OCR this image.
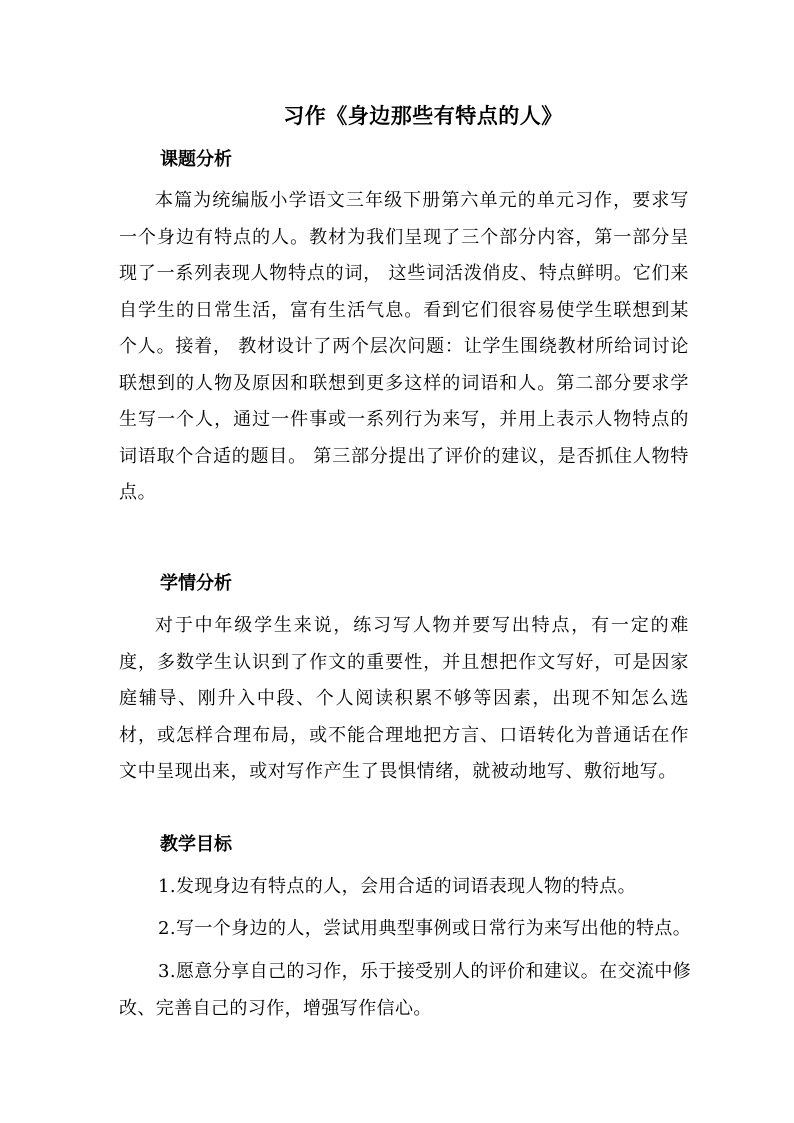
习作《身边那些有特点的人》
课题分析
本篇为统编版小学语文三年级下册第六单元的单元习作，要求写一个身边有特点的人。教材为我们呈现了三个部分内容，第一部分呈现了一系列表现人物特点的词， 这些词活泼俏皮、特点鲜明。它们来自学生的日常生活，富有生活气息。看到它们很容易使学生联想到某个人。接着， 教材设计了两个层次问题：让学生围绕教材所给词讨论联想到的人物及原因和联想到更多这样的词语和人。第二部分要求学生写一个人，通过一件事或一系列行为来写，并用上表示人物特点的词语取个合适的题目。 第三部分提出了评价的建议，是否抓住人物特点。
学情分析
对于中年级学生来说，练习写人物并要写出特点，有一定的难度，多数学生认识到了作文的重要性，并且想把作文写好，可是因家庭辅导、刚升入中段、个人阅读积累不够等因素，出现不知怎么选材，或怎样合理布局，或不能合理地把方言、口语转化为普通话在作文中呈现出来，或对写作产生了畏惧情绪，就被动地写、敷衍地写。
教学目标
1.发现身边有特点的人，会用合适的词语表现人物的特点。
2.写一个身边的人，尝试用典型事例或日常行为来写出他的特点。
3.愿意分享自己的习作，乐于接受别人的评价和建议。在交流中修改、完善自己的习作，增强写作信心。
